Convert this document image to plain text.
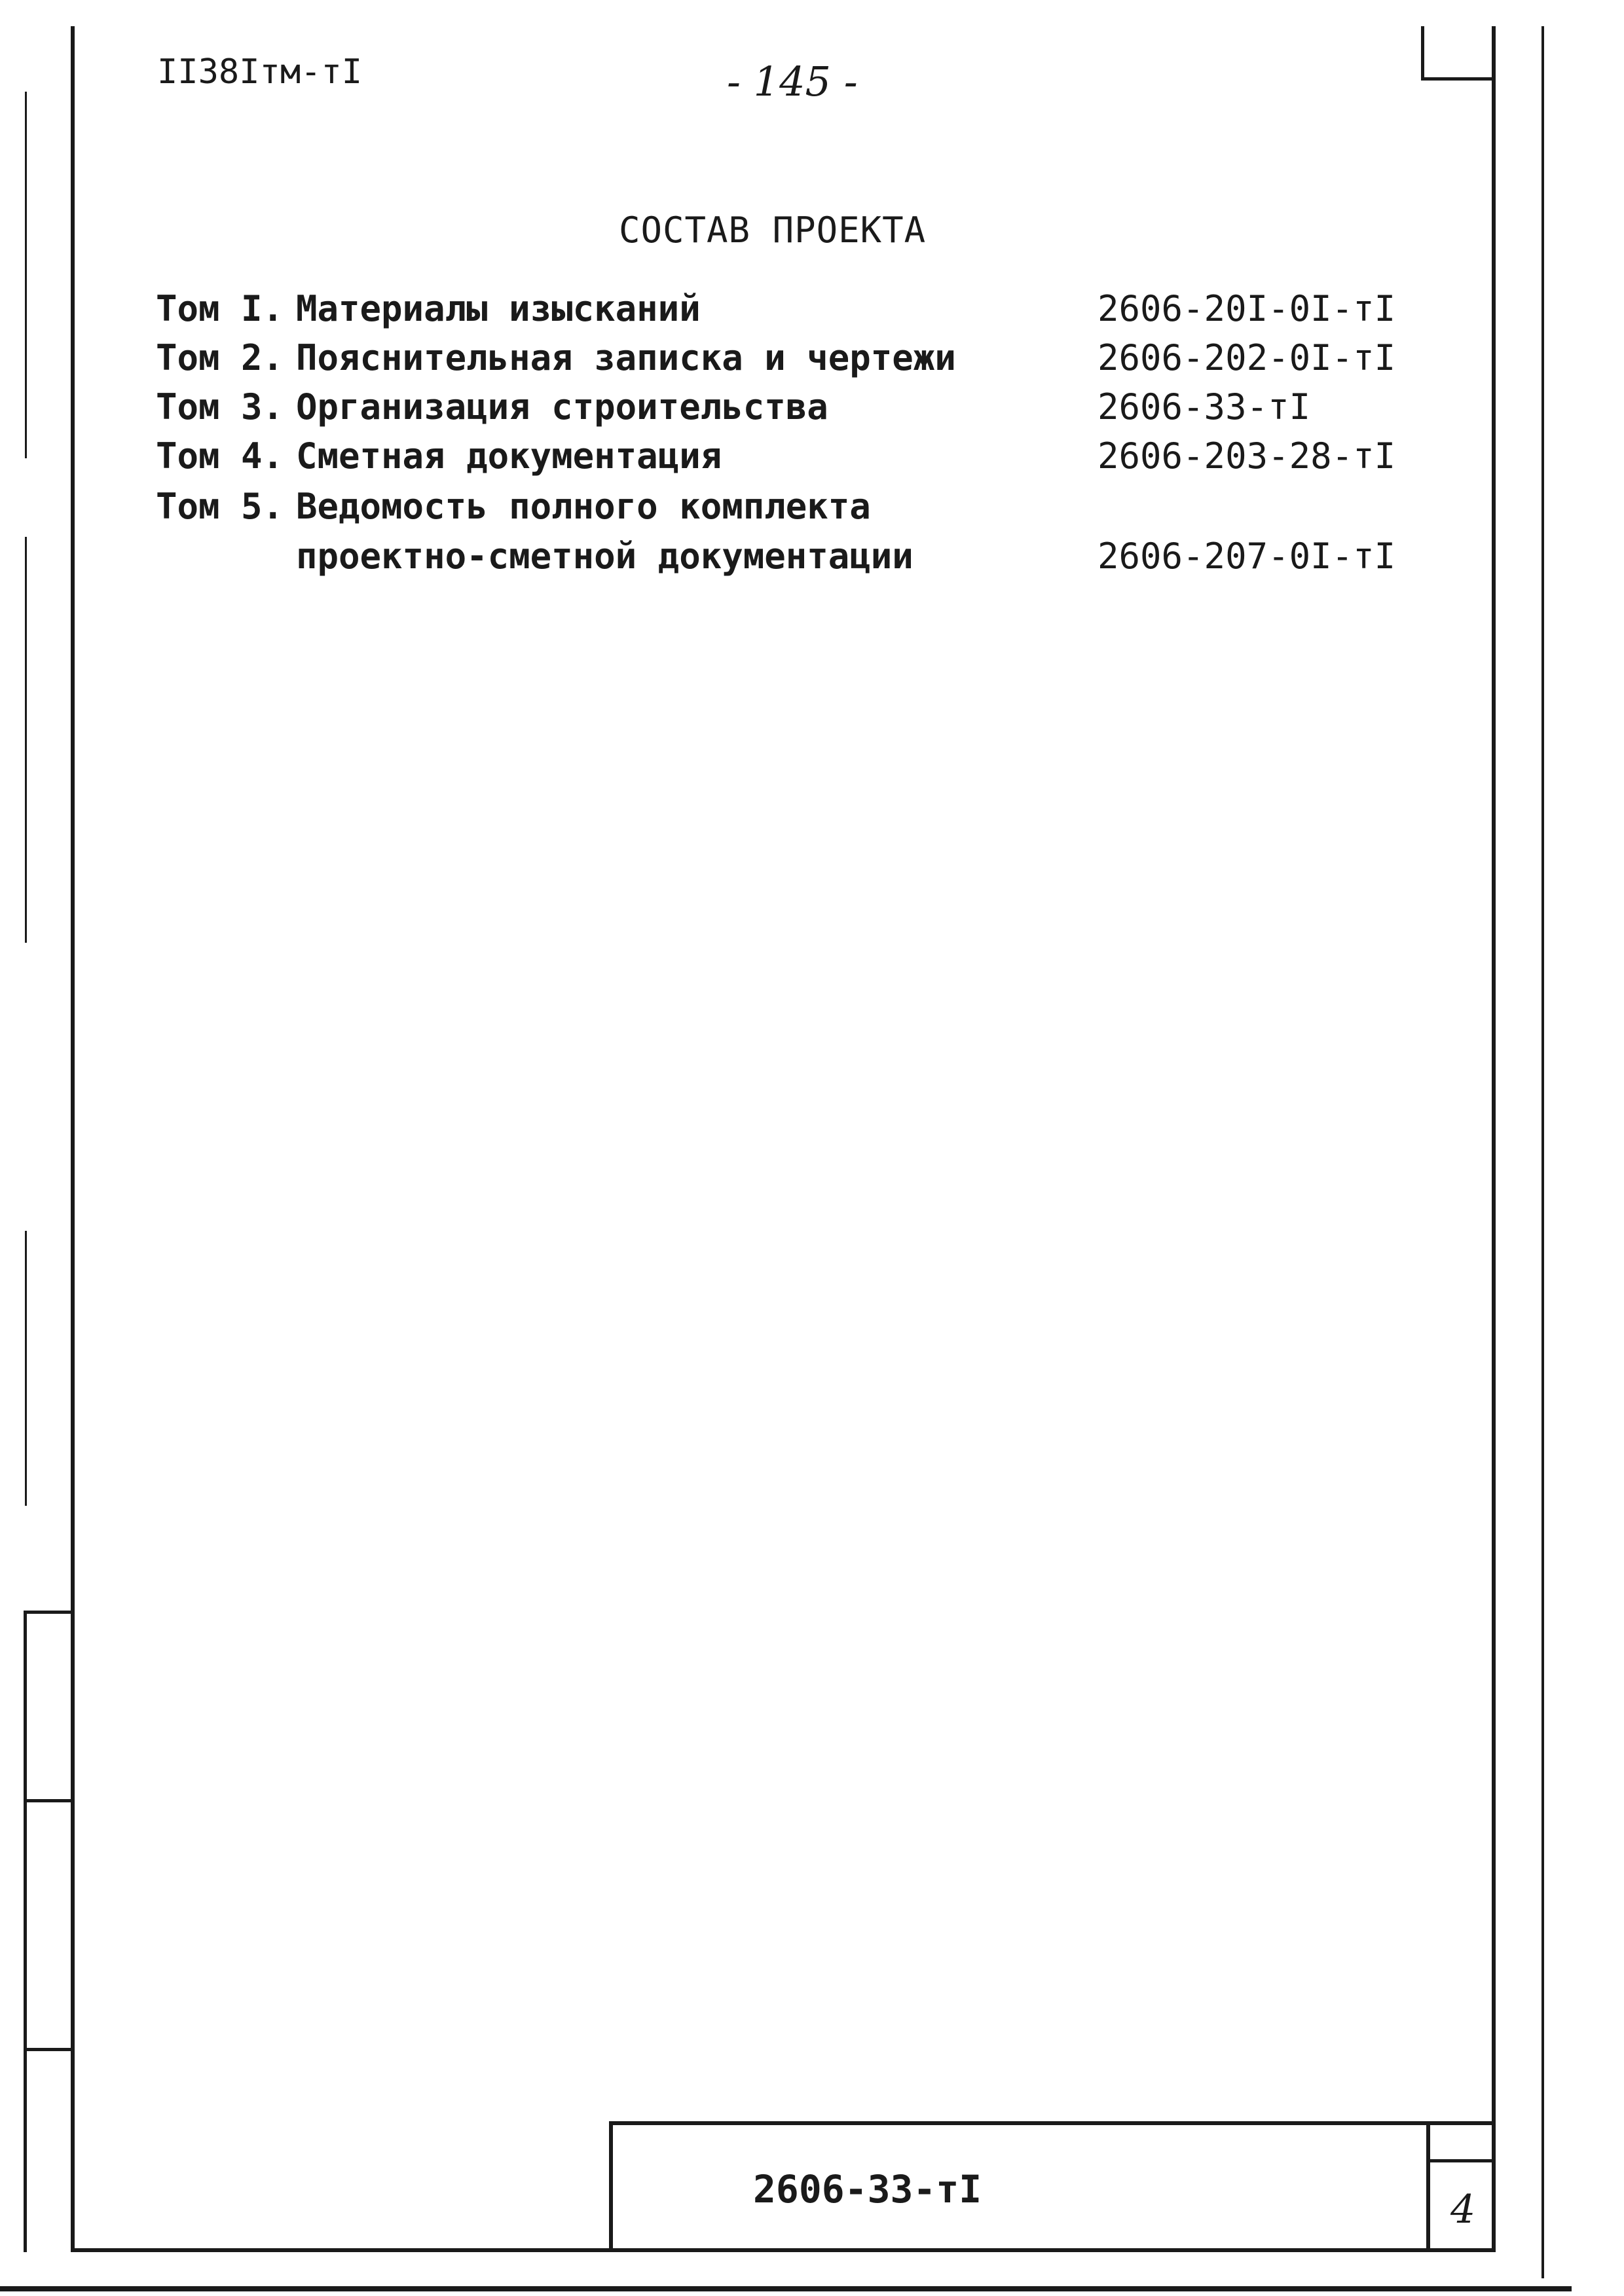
II38Iтм-тI	- 145 -
СОСТАВ ПРОЕКТА
Том I. Материалы изысканий	2606-20I-0I-тI
Том 2. Пояснительная записка и чертежи	2606-202-0I-тI
Том 3. Организация строительства	2606-33-тI
Том 4. Сметная документация	2606-203-28-тI
Том 5. Ведомость полного комплекта
проектно-сметной документации	2606-207-0I-тI
2606-33-тI	4
